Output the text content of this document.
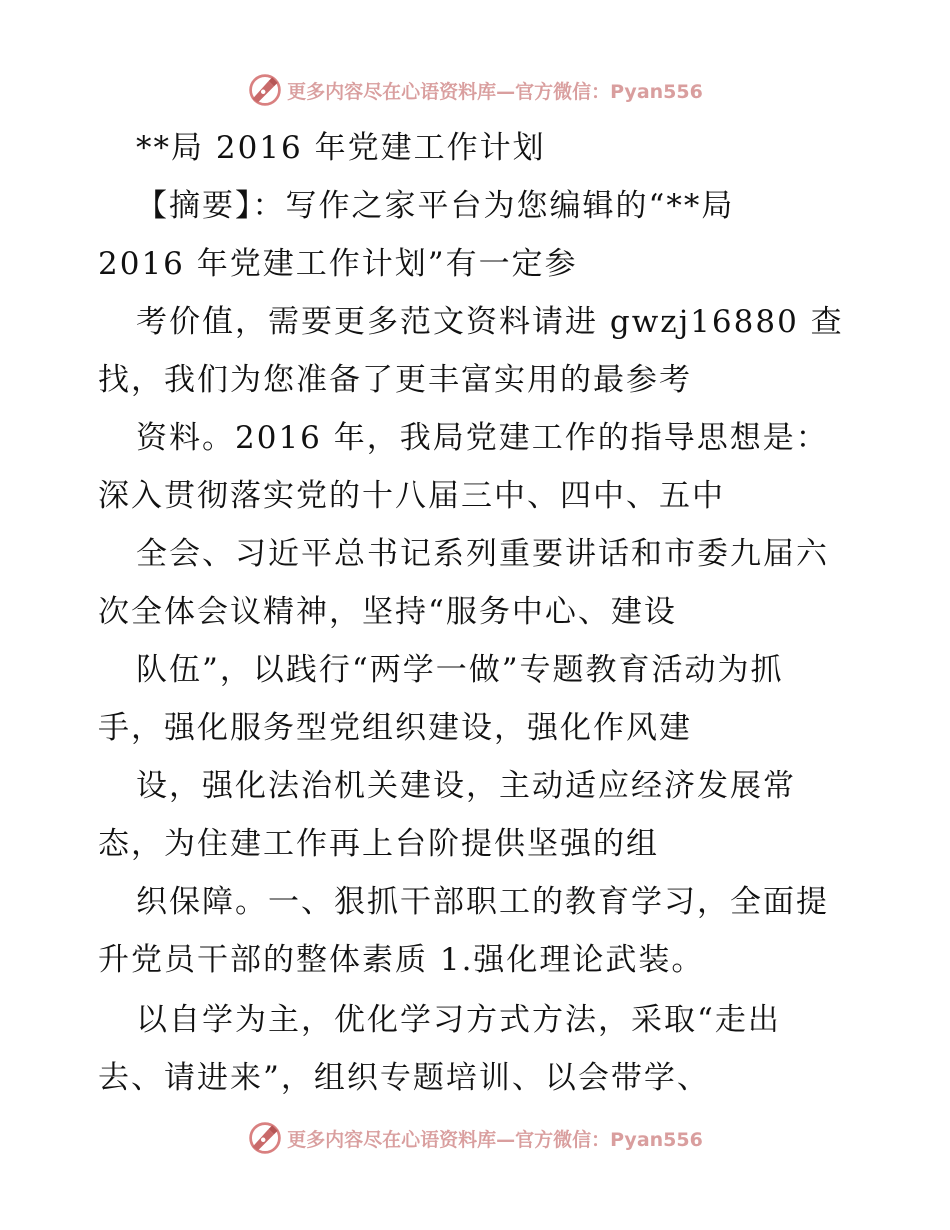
更多内容尽在心语资料库—官方微信：Pyan556
**局 2016 年党建工作计划
【摘要】：写作之家平台为您编辑的“**局
2016 年党建工作计划”有一定参
考价值，需要更多范文资料请进 gwzj16880 查
找，我们为您准备了更丰富实用的最参考
资料。2016 年，我局党建工作的指导思想是：
深入贯彻落实党的十八届三中、四中、五中
全会、习近平总书记系列重要讲话和市委九届六
次全体会议精神，坚持“服务中心、建设
队伍”，以践行“两学一做”专题教育活动为抓
手，强化服务型党组织建设，强化作风建
设，强化法治机关建设，主动适应经济发展常
态，为住建工作再上台阶提供坚强的组
织保障。一、狠抓干部职工的教育学习，全面提
升党员干部的整体素质 1.强化理论武装。
以自学为主，优化学习方式方法，采取“走出
去、请进来”，组织专题培训、以会带学、
更多内容尽在心语资料库—官方微信：Pyan556
